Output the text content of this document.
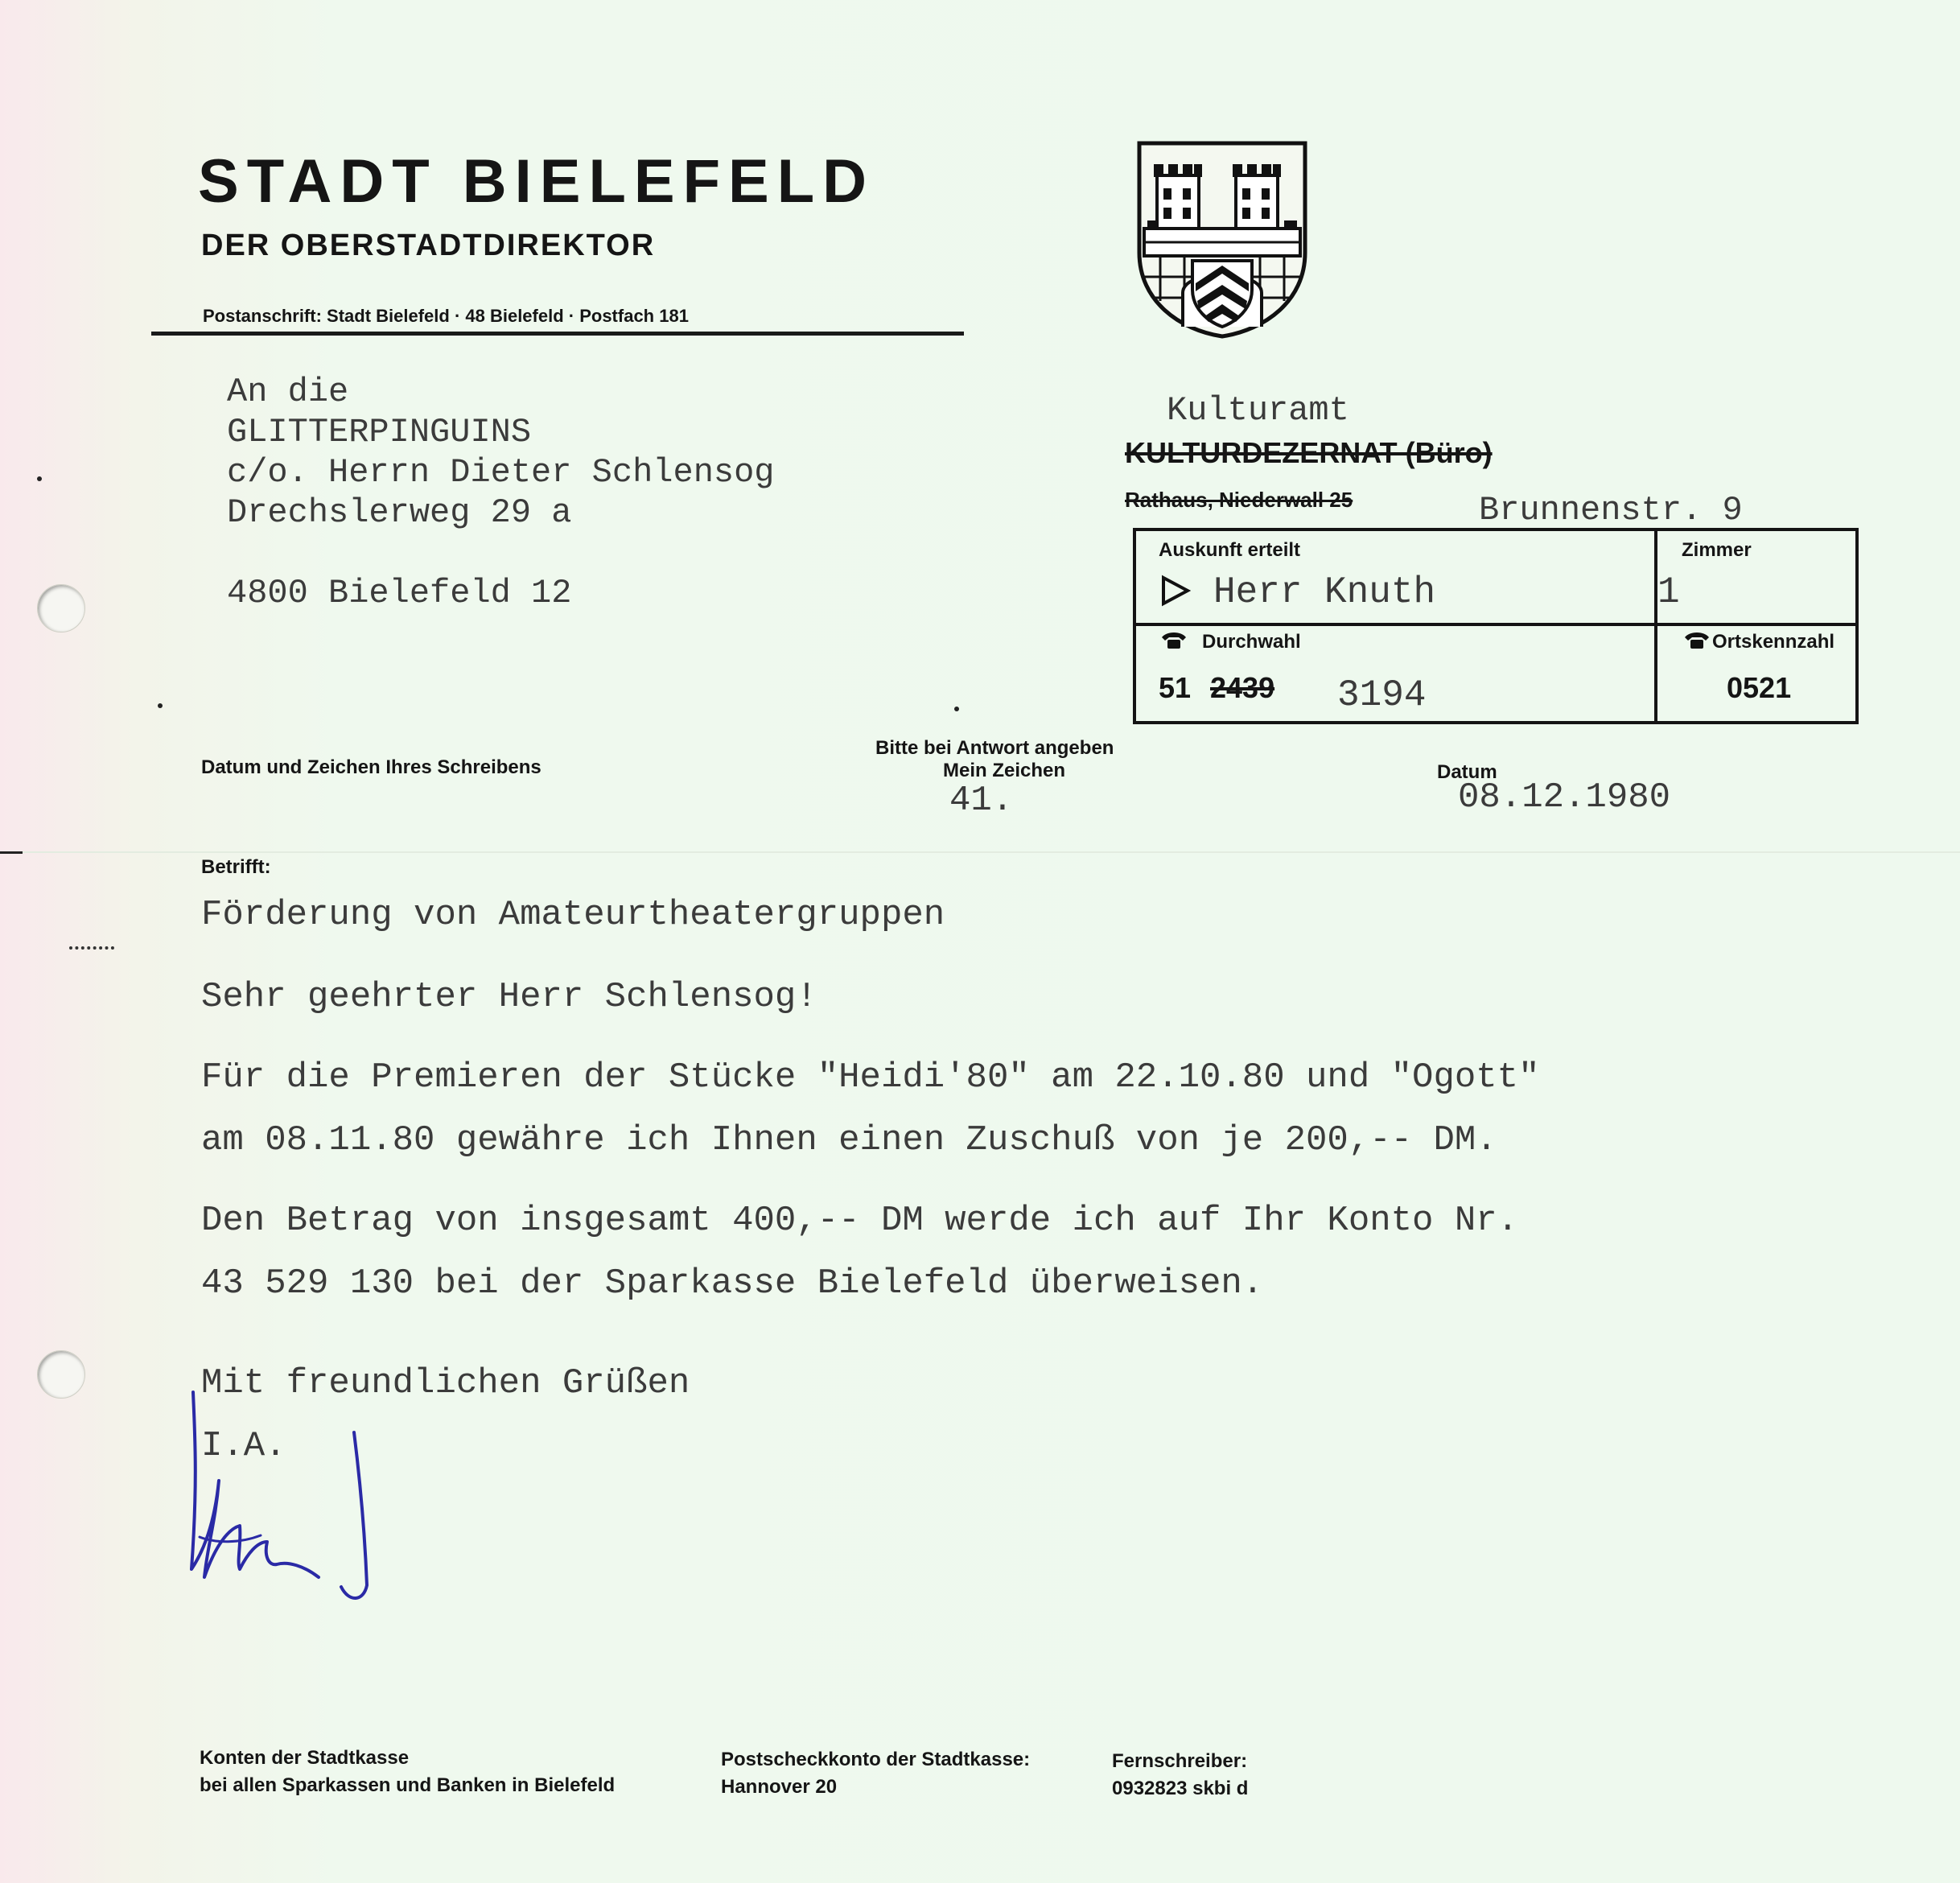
STADT BIELEFELD
DER OBERSTADTDIREKTOR
Postanschrift: Stadt Bielefeld · 48 Bielefeld · Postfach 181
An die
GLITTERPINGUINS
c/o. Herrn Dieter Schlensog
Drechslerweg 29 a
4800 Bielefeld 12
Kulturamt
KULTURDEZERNAT (Büro)
Rathaus, Niederwall 25	Brunnenstr. 9
Auskunft erteilt
Herr Knuth
Zimmer
1
Durchwahl
51 2439 3194
Ortskennzahl
0521
Datum und Zeichen Ihres Schreibens
Bitte bei Antwort angeben
Mein Zeichen
41.
Datum
08.12.1980
Betrifft:
Förderung von Amateurtheatergruppen
Sehr geehrter Herr Schlensog!
Für die Premieren der Stücke "Heidi'80" am 22.10.80 und "Ogott"
am 08.11.80 gewähre ich Ihnen einen Zuschuß von je 200,-- DM.
Den Betrag von insgesamt 400,-- DM werde ich auf Ihr Konto Nr.
43 529 130 bei der Sparkasse Bielefeld überweisen.
Mit freundlichen Grüßen
I.A.
Konten der Stadtkasse
bei allen Sparkassen und Banken in Bielefeld
Postscheckkonto der Stadtkasse:
Hannover 20
Fernschreiber:
0932823 skbi d
